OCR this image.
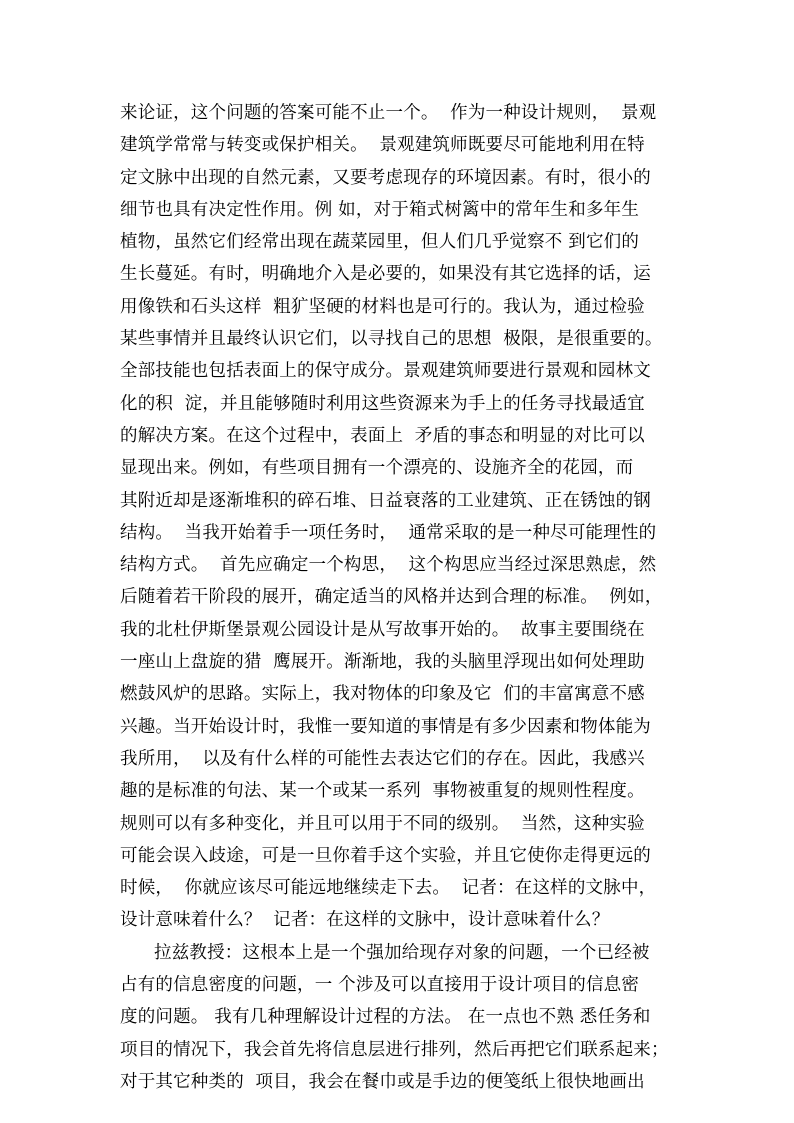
来论证，这个问题的答案可能不止一个。  作为一种设计规则，  景观
建筑学常常与转变或保护相关。  景观建筑师既要尽可能地利用在特
定文脉中出现的自然元素，又要考虑现存的环境因素。有时，很小的
细节也具有决定性作用。例 如，对于箱式树篱中的常年生和多年生
植物，虽然它们经常出现在蔬菜园里，但人们几乎觉察不 到它们的
生长蔓延。有时，明确地介入是必要的，如果没有其它选择的话，运
用像铁和石头这样  粗犷坚硬的材料也是可行的。我认为，通过检验
某些事情并且最终认识它们，以寻找自己的思想  极限，是很重要的。
全部技能也包括表面上的保守成分。景观建筑师要进行景观和园林文
化的积  淀，并且能够随时利用这些资源来为手上的任务寻找最适宜
的解决方案。在这个过程中，表面上  矛盾的事态和明显的对比可以
显现出来。例如，有些项目拥有一个漂亮的、设施齐全的花园，而
其附近却是逐渐堆积的碎石堆、日益衰落的工业建筑、正在锈蚀的钢
结构。  当我开始着手一项任务时，  通常采取的是一种尽可能理性的
结构方式。  首先应确定一个构思，  这个构思应当经过深思熟虑，然
后随着若干阶段的展开，确定适当的风格并达到合理的标准。  例如，
我的北杜伊斯堡景观公园设计是从写故事开始的。  故事主要围绕在
一座山上盘旋的猎  鹰展开。渐渐地，我的头脑里浮现出如何处理助
燃鼓风炉的思路。实际上，我对物体的印象及它  们的丰富寓意不感
兴趣。当开始设计时，我惟一要知道的事情是有多少因素和物体能为
我所用，  以及有什么样的可能性去表达它们的存在。因此，我感兴
趣的是标准的句法、某一个或某一系列  事物被重复的规则性程度。
规则可以有多种变化，并且可以用于不同的级别。  当然，这种实验
可能会误入歧途，可是一旦你着手这个实验，并且它使你走得更远的
时候，  你就应该尽可能远地继续走下去。  记者：在这样的文脉中，
设计意味着什么？  记者：在这样的文脉中，设计意味着什么？
拉兹教授：这根本上是一个强加给现存对象的问题，一个已经被
占有的信息密度的问题，一 个涉及可以直接用于设计项目的信息密
度的问题。 我有几种理解设计过程的方法。 在一点也不熟 悉任务和
项目的情况下，我会首先将信息层进行排列，然后再把它们联系起来；
对于其它种类的  项目，我会在餐巾或是手边的便笺纸上很快地画出
